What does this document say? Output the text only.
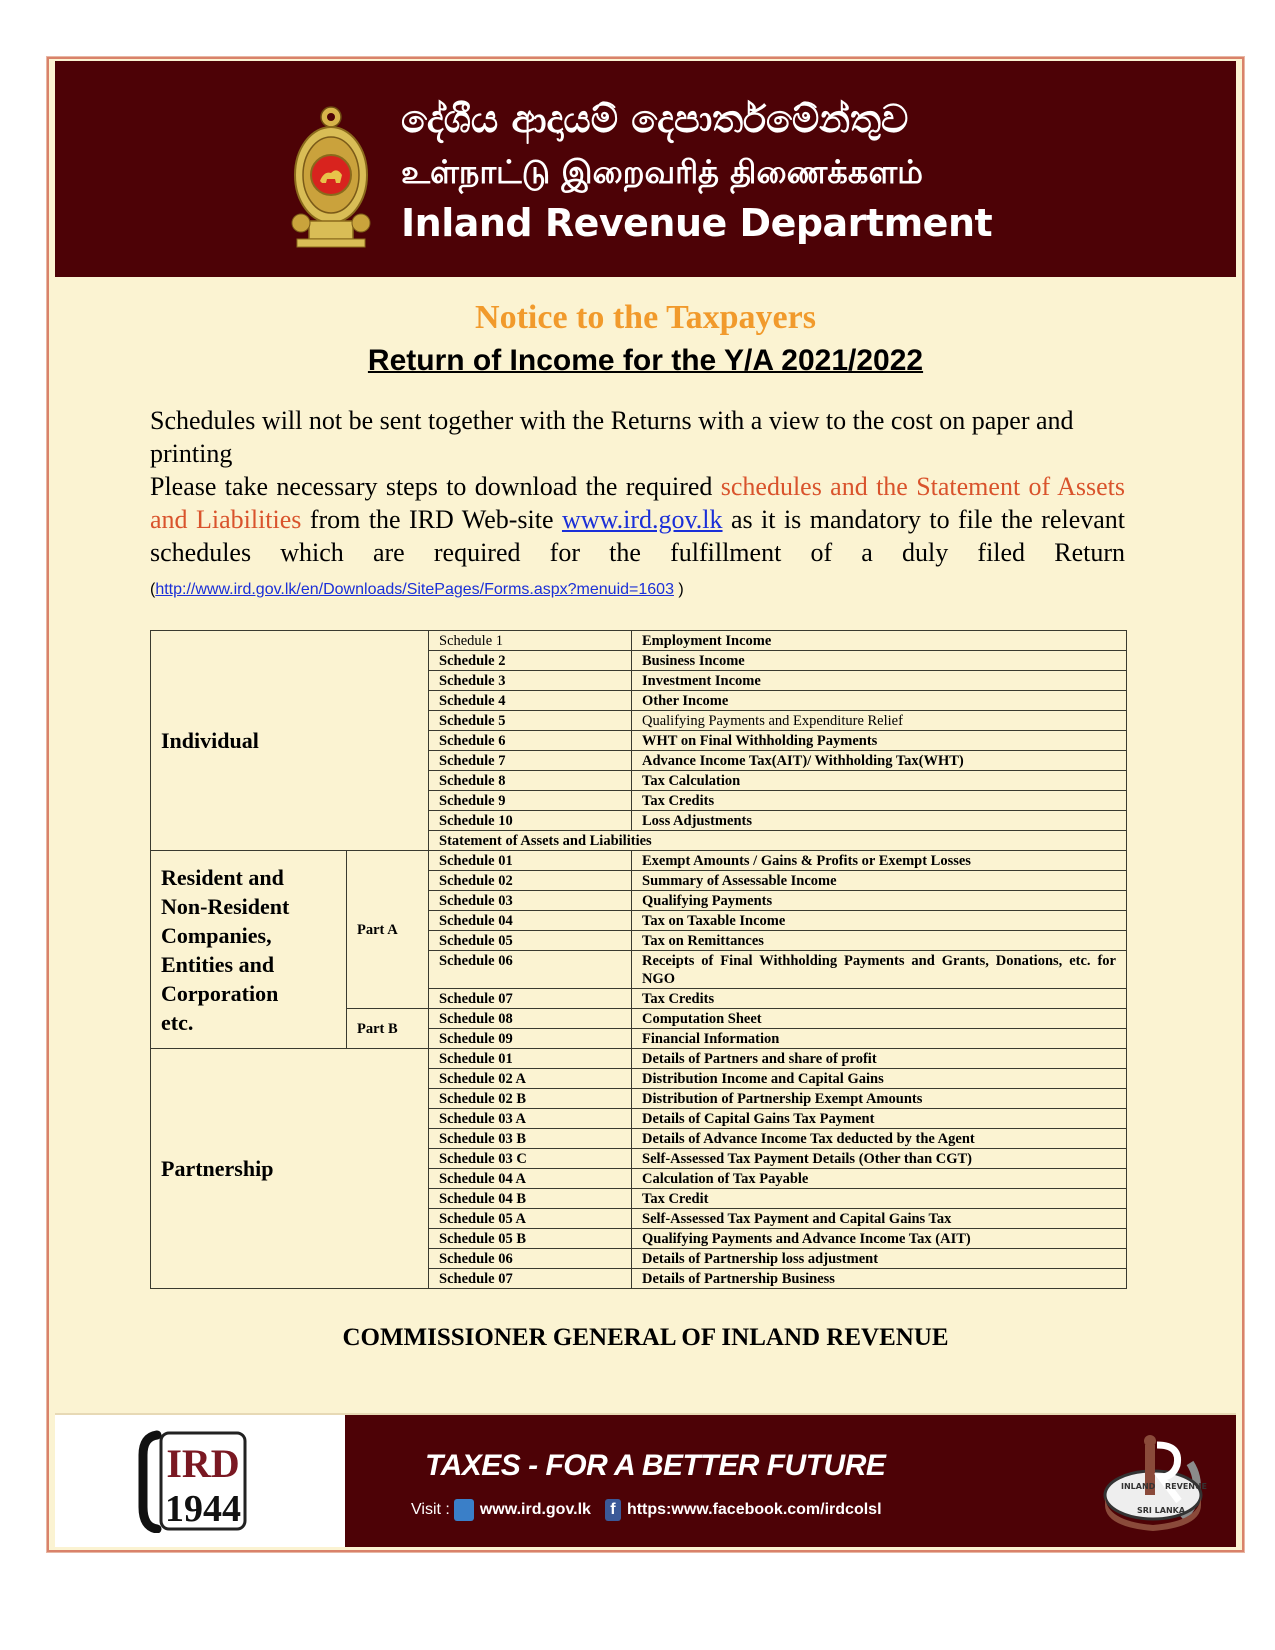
දේශීය ආදායම් දෙපාර්තමේන්තුව
உள்நாட்டு இறைவரித் திணைக்களம்
Inland Revenue Department
Notice to the Taxpayers
Return of Income for the Y/A 2021/2022
Schedules will not be sent together with the Returns with a view to the cost on paper and printing
Please take necessary steps to download the required schedules and the Statement of Assets and Liabilities from the IRD Web-site www.ird.gov.lk as it is mandatory to file the relevant schedules which are required for the fulfillment of a duly filed Return (http://www.ird.gov.lk/en/Downloads/SitePages/Forms.aspx?menuid=1603 )
Individual		Schedule 1	Employment Income
		Schedule 2	Business Income
		Schedule 3	Investment Income
		Schedule 4	Other Income
		Schedule 5	Qualifying Payments and Expenditure Relief
		Schedule 6	WHT on Final Withholding Payments
		Schedule 7	Advance Income Tax(AIT)/ Withholding Tax(WHT)
		Schedule 8	Tax Calculation
		Schedule 9	Tax Credits
		Schedule 10	Loss Adjustments
		Statement of Assets and Liabilities	

Resident and
Non-Resident
Companies,
Entities and
Corporation
etc.
	Part A	Schedule 01	Exempt Amounts / Gains & Profits or Exempt Losses
		Schedule 02	Summary of Assessable Income
		Schedule 03	Qualifying Payments
		Schedule 04	Tax on Taxable Income
		Schedule 05	Tax on Remittances
		Schedule 06	Receipts of Final Withholding Payments and Grants, Donations, etc. for NGO
		Schedule 07	Tax Credits
	Part B	Schedule 08	Computation Sheet
		Schedule 09	Financial Information
Partnership		Schedule 01	Details of Partners and share of profit
		Schedule 02 A	Distribution Income and Capital Gains
		Schedule 02 B	Distribution of Partnership Exempt Amounts
		Schedule 03 A	Details of Capital Gains Tax Payment
		Schedule 03 B	Details of Advance Income Tax deducted by the Agent
		Schedule 03 C	Self-Assessed Tax Payment Details (Other than CGT)
		Schedule 04 A	Calculation of Tax Payable
		Schedule 04 B	Tax Credit
		Schedule 05 A	Self-Assessed Tax Payment and Capital Gains Tax
		Schedule 05 B	Qualifying Payments and Advance Income Tax (AIT)
		Schedule 06	Details of Partnership loss adjustment
		Schedule 07	Details of Partnership Business
COMMISSIONER GENERAL OF INLAND REVENUE
IRD
1944
TAXES - FOR A BETTER FUTURE
Visit : www.ird.gov.lk	f https:www.facebook.com/irdcolsl
INLAND REVENUE
SRI LANKA
